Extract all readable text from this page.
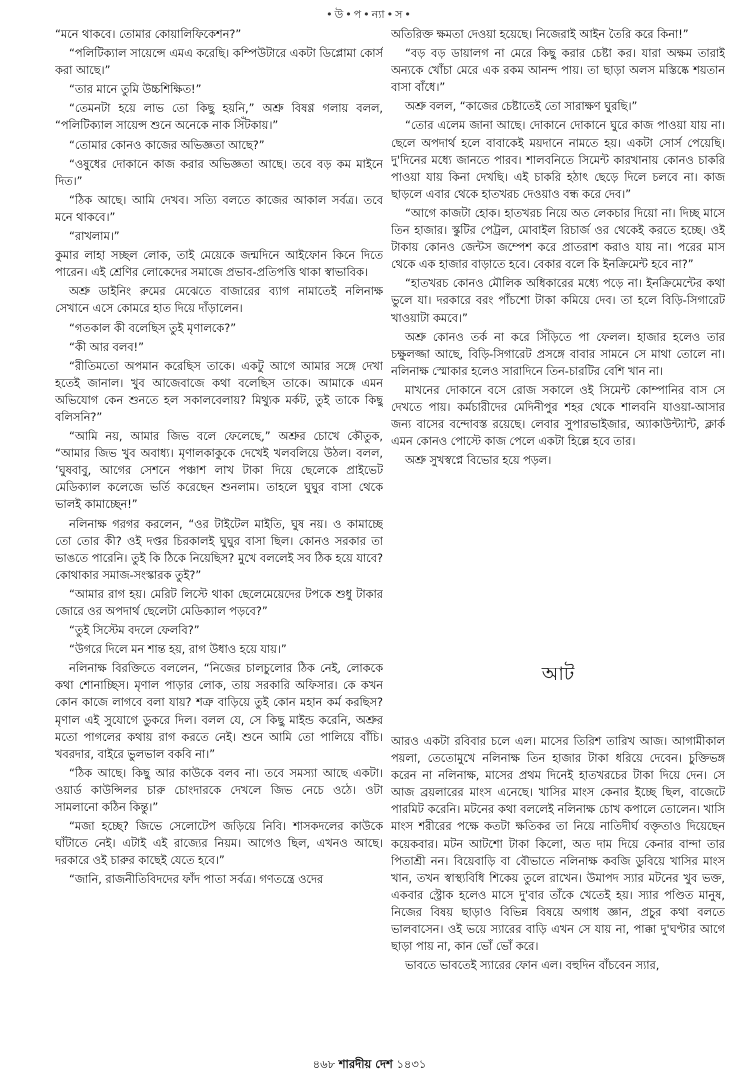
•উ•প•ন্যা•স•

“মনে থাকবে। তোমার কোয়ালিফিকেশন?”

“পলিটিক্যাল সায়েন্সে এমএ করেছি। কম্পিউটারে একটা ডিপ্লোমা কোর্স করা আছে।”

“তার মানে তুমি উচ্চশিক্ষিত!”

“তেমনটা হয়ে লাভ তো কিছু হয়নি,” অশ্রু বিষণ্ণ গলায় বলল, “পলিটিক্যাল সায়েন্স শুনে অনেকে নাক সিঁটকায়।”

“তোমার কোনও কাজের অভিজ্ঞতা আছে?”

“ওষুধের দোকানে কাজ করার অভিজ্ঞতা আছে। তবে বড় কম মাইনে দিত।”

“ঠিক আছে। আমি দেখব। সত্যি বলতে কাজের আকাল সর্বত্র। তবে মনে থাকবে।”

“রাখলাম।”

কুমার লাহা সচ্ছল লোক, তাই মেয়েকে জন্মদিনে আইফোন কিনে দিতে পারেন। এই শ্রেণির লোকেদের সমাজে প্রভাব-প্রতিপত্তি থাকা স্বাভাবিক।

অশ্রু ডাইনিং রুমের মেঝেতে বাজারের ব্যাগ নামাতেই নলিনাক্ষ সেখানে এসে কোমরে হাত দিয়ে দাঁড়ালেন।

“গতকাল কী বলেছিস তুই মৃণালকে?”

“কী আর বলব!”

“রীতিমতো অপমান করেছিস তাকে। একটু আগে আমার সঙ্গে দেখা হতেই জানাল। খুব আজেবাজে কথা বলেছিস তাকে। আমাকে এমন অভিযোগ কেন শুনতে হল সকালবেলায়? মিথ্যুক মর্কট, তুই তাকে কিছু বলিসনি?”

“আমি নয়, আমার জিভ বলে ফেলেছে,” অশ্রুর চোখে কৌতুক, “আমার জিভ খুব অবাধ্য। মৃণালকাকুকে দেখেই খলবলিয়ে উঠল। বলল, ‘ঘুষবাবু, আগের সেশনে পঞ্চাশ লাখ টাকা দিয়ে ছেলেকে প্রাইভেট মেডিক্যাল কলেজে ভর্তি করেছেন শুনলাম। তাহলে ঘুঘুর বাসা থেকে ভালই কামাচ্ছেন!”

নলিনাক্ষ গরগর করলেন, “ওর টাইটেল মাইতি, ঘুষ নয়। ও কামাচ্ছে তো তোর কী? ওই দপ্তর চিরকালই ঘুঘুর বাসা ছিল। কোনও সরকার তা ভাঙতে পারেনি। তুই কি ঠিকে নিয়েছিস? মুখে বললেই সব ঠিক হয়ে যাবে? কোথাকার সমাজ-সংস্কারক তুই?”

“আমার রাগ হয়। মেরিট লিস্টে থাকা ছেলেমেয়েদের টপকে শুধু টাকার জোরে ওর অপদার্থ ছেলেটা মেডিক্যাল পড়বে?”

“তুই সিস্টেম বদলে ফেলবি?”

“উগরে দিলে মন শান্ত হয়, রাগ উধাও হয়ে যায়।”

নলিনাক্ষ বিরক্তিতে বললেন, “নিজের চালচুলোর ঠিক নেই, লোককে কথা শোনাচ্ছিস। মৃণাল পাড়ার লোক, তায় সরকারি অফিসার। কে কখন কোন কাজে লাগবে বলা যায়? শত্রু বাড়িয়ে তুই কোন মহান কর্ম করছিস? মৃণাল এই সুযোগে ডুকরে দিল। বলল যে, সে কিছু মাইন্ড করেনি, অশ্রুর মতো পাগলের কথায় রাগ করতে নেই। শুনে আমি তো পালিয়ে বাঁচি। খবরদার, বাইরে ভুলভাল বকবি না।”

“ঠিক আছে। কিছু আর কাউকে বলব না। তবে সমস্যা আছে একটা। ওয়ার্ড কাউন্সিলর চারু চোংদারকে দেখলে জিভ নেচে ওঠে। ওটা সামলানো কঠিন কিন্তু।”

“মজা হচ্ছে? জিভে সেলোটেপ জড়িয়ে নিবি। শাসকদলের কাউকে ঘাঁটাতে নেই। এটাই এই রাজ্যের নিয়ম। আগেও ছিল, এখনও আছে। দরকারে ওই চারুর কাছেই যেতে হবে।”

“জানি, রাজনীতিবিদদের ফাঁদ পাতা সর্বত্র। গণতন্ত্রে ওদের

অতিরিক্ত ক্ষমতা দেওয়া হয়েছে। নিজেরাই আইন তৈরি করে কিনা!”

“বড় বড় ডায়ালগ না মেরে কিছু করার চেষ্টা কর। যারা অক্ষম তারাই অন্যকে খোঁচা মেরে এক রকম আনন্দ পায়। তা ছাড়া অলস মস্তিষ্কে শয়তান বাসা বাঁধে।”

অশ্রু বলল, “কাজের চেষ্টাতেই তো সারাক্ষণ ঘুরছি।”

“তোর এলেম জানা আছে। দোকানে দোকানে ঘুরে কাজ পাওয়া যায় না। ছেলে অপদার্থ হলে বাবাকেই ময়দানে নামতে হয়। একটা সোর্স পেয়েছি। দু'দিনের মধ্যে জানতে পারব। শালবনিতে সিমেন্ট কারখানায় কোনও চাকরি পাওয়া যায় কিনা দেখছি। এই চাকরি হঠাৎ ছেড়ে দিলে চলবে না। কাজ ছাড়লে এবার থেকে হাতখরচ দেওয়াও বন্ধ করে দেব।”

“আগে কাজটা হোক। হাতখরচ নিয়ে অত লেকচার দিয়ো না। দিচ্ছ মাসে তিন হাজার। স্কুটির পেট্রল, মোবাইল রিচার্জ ওর থেকেই করতে হচ্ছে। ওই টাকায় কোনও জেন্টস জম্পেশ করে প্রাতরাশ করাও যায় না। পরের মাস থেকে এক হাজার বাড়াতে হবে। বেকার বলে কি ইনক্রিমেন্ট হবে না?”

“হাতখরচ কোনও মৌলিক অধিকারের মধ্যে পড়ে না। ইনক্রিমেন্টের কথা ভুলে যা। দরকারে বরং পাঁচশো টাকা কমিয়ে দেব। তা হলে বিড়ি-সিগারেট খাওয়াটা কমবে।”

অশ্রু কোনও তর্ক না করে সিঁড়িতে পা ফেলল। হাজার হলেও তার চক্ষুলজ্জা আছে, বিড়ি-সিগারেট প্রসঙ্গে বাবার সামনে সে মাথা তোলে না। নলিনাক্ষ স্মোকার হলেও সারাদিনে তিন-চারটির বেশি খান না।

মাখনের দোকানে বসে রোজ সকালে ওই সিমেন্ট কোম্পানির বাস সে দেখতে পায়। কর্মচারীদের মেদিনীপুর শহর থেকে শালবনি যাওয়া-আসার জন্য বাসের বন্দোবস্ত রয়েছে। লেবার সুপারভাইজার, অ্যাকাউন্ট্যান্ট, ক্লার্ক এমন কোনও পোস্টে কাজ পেলে একটা হিল্লে হবে তার।

অশ্রু সুখস্বপ্নে বিভোর হয়ে পড়ল।

আট

আরও একটা রবিবার চলে এল। মাসের তিরিশ তারিখ আজ। আগামীকাল পয়লা, তেতোমুখে নলিনাক্ষ তিন হাজার টাকা ধরিয়ে দেবেন। চুক্তিভঙ্গ করেন না নলিনাক্ষ, মাসের প্রথম দিনেই হাতখরচের টাকা দিয়ে দেন। সে আজ ব্রয়লারের মাংস এনেছে। খাসির মাংস কেনার ইচ্ছে ছিল, বাজেটে পারমিট করেনি। মটনের কথা বললেই নলিনাক্ষ চোখ কপালে তোলেন। খাসি মাংস শরীরের পক্ষে কতটা ক্ষতিকর তা নিয়ে নাতিদীর্ঘ বক্তৃতাও দিয়েছেন কয়েকবার। মটন আটশো টাকা কিলো, অত দাম দিয়ে কেনার বান্দা তার পিতাশ্রী নন। বিয়েবাড়ি বা বৌভাতে নলিনাক্ষ কবজি ডুবিয়ে খাসির মাংস খান, তখন স্বাস্থ্যবিধি শিকেয় তুলে রাখেন। উমাপদ স্যার মটনের খুব ভক্ত, একবার স্ট্রোক হলেও মাসে দু'বার তাঁকে খেতেই হয়। স্যার পণ্ডিত মানুষ, নিজের বিষয় ছাড়াও বিভিন্ন বিষয়ে অগাধ জ্ঞান, প্রচুর কথা বলতে ভালবাসেন। ওই ভয়ে স্যারের বাড়ি এখন সে যায় না, পাক্কা দু'ঘণ্টার আগে ছাড়া পায় না, কান ভোঁ ভোঁ করে।

ভাবতে ভাবতেই স্যারের ফোন এল। বহুদিন বাঁচবেন স্যার,

৪৬৮ শারদীয় দেশ ১৪৩১
